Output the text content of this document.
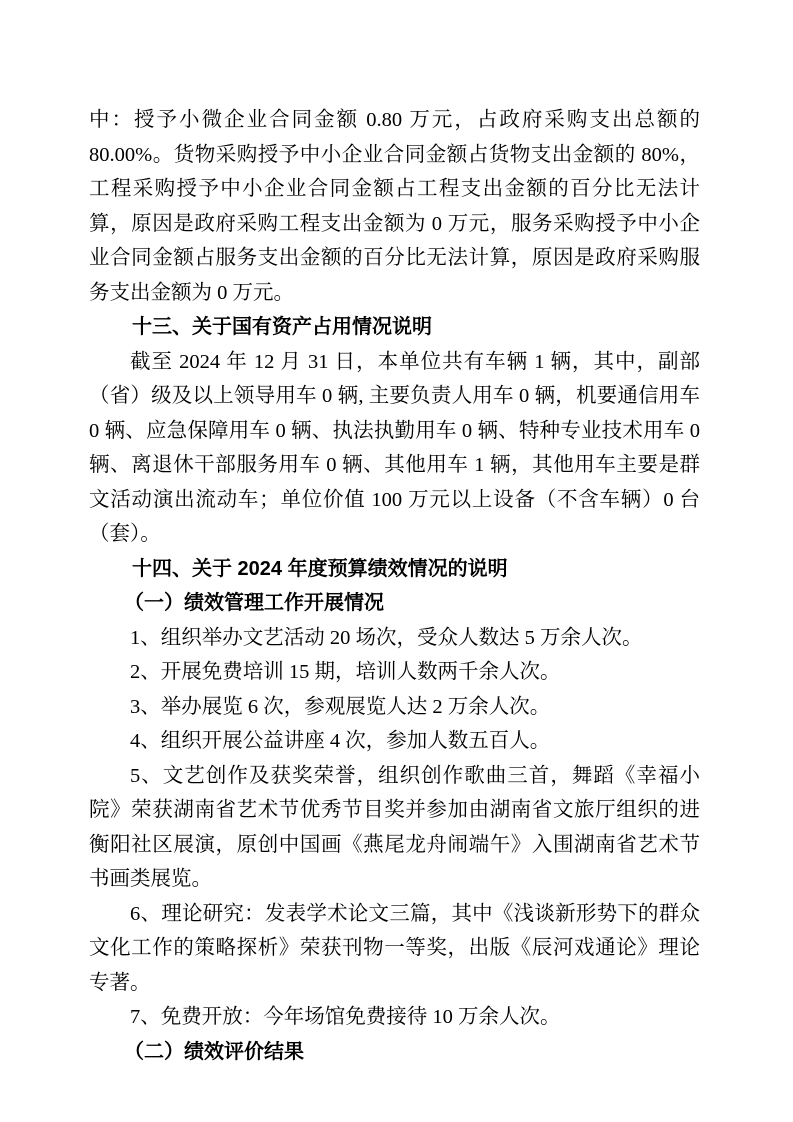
中：授予小微企业合同金额 0.80 万元，占政府采购支出总额的 80.00%。货物采购授予中小企业合同金额占货物支出金额的 80%，工程采购授予中小企业合同金额占工程支出金额的百分比无法计算，原因是政府采购工程支出金额为 0 万元，服务采购授予中小企业合同金额占服务支出金额的百分比无法计算，原因是政府采购服务支出金额为 0 万元。

十三、关于国有资产占用情况说明

截至 2024 年 12 月 31 日，本单位共有车辆 1 辆，其中，副部（省）级及以上领导用车 0 辆, 主要负责人用车 0 辆，机要通信用车 0 辆、应急保障用车 0 辆、执法执勤用车 0 辆、特种专业技术用车 0 辆、离退休干部服务用车 0 辆、其他用车 1 辆，其他用车主要是群文活动演出流动车；单位价值 100 万元以上设备（不含车辆）0 台（套）。

十四、关于 2024 年度预算绩效情况的说明
（一）绩效管理工作开展情况

1、组织举办文艺活动 20 场次，受众人数达 5 万余人次。

2、开展免费培训 15 期，培训人数两千余人次。

3、举办展览 6 次，参观展览人达 2 万余人次。

4、组织开展公益讲座 4 次，参加人数五百人。

5、文艺创作及获奖荣誉，组织创作歌曲三首，舞蹈《幸福小院》荣获湖南省艺术节优秀节目奖并参加由湖南省文旅厅组织的进衡阳社区展演，原创中国画《燕尾龙舟闹端午》入围湖南省艺术节书画类展览。

6、理论研究：发表学术论文三篇，其中《浅谈新形势下的群众文化工作的策略探析》荣获刊物一等奖，出版《辰河戏通论》理论专著。

7、免费开放：今年场馆免费接待 10 万余人次。

（二）绩效评价结果
